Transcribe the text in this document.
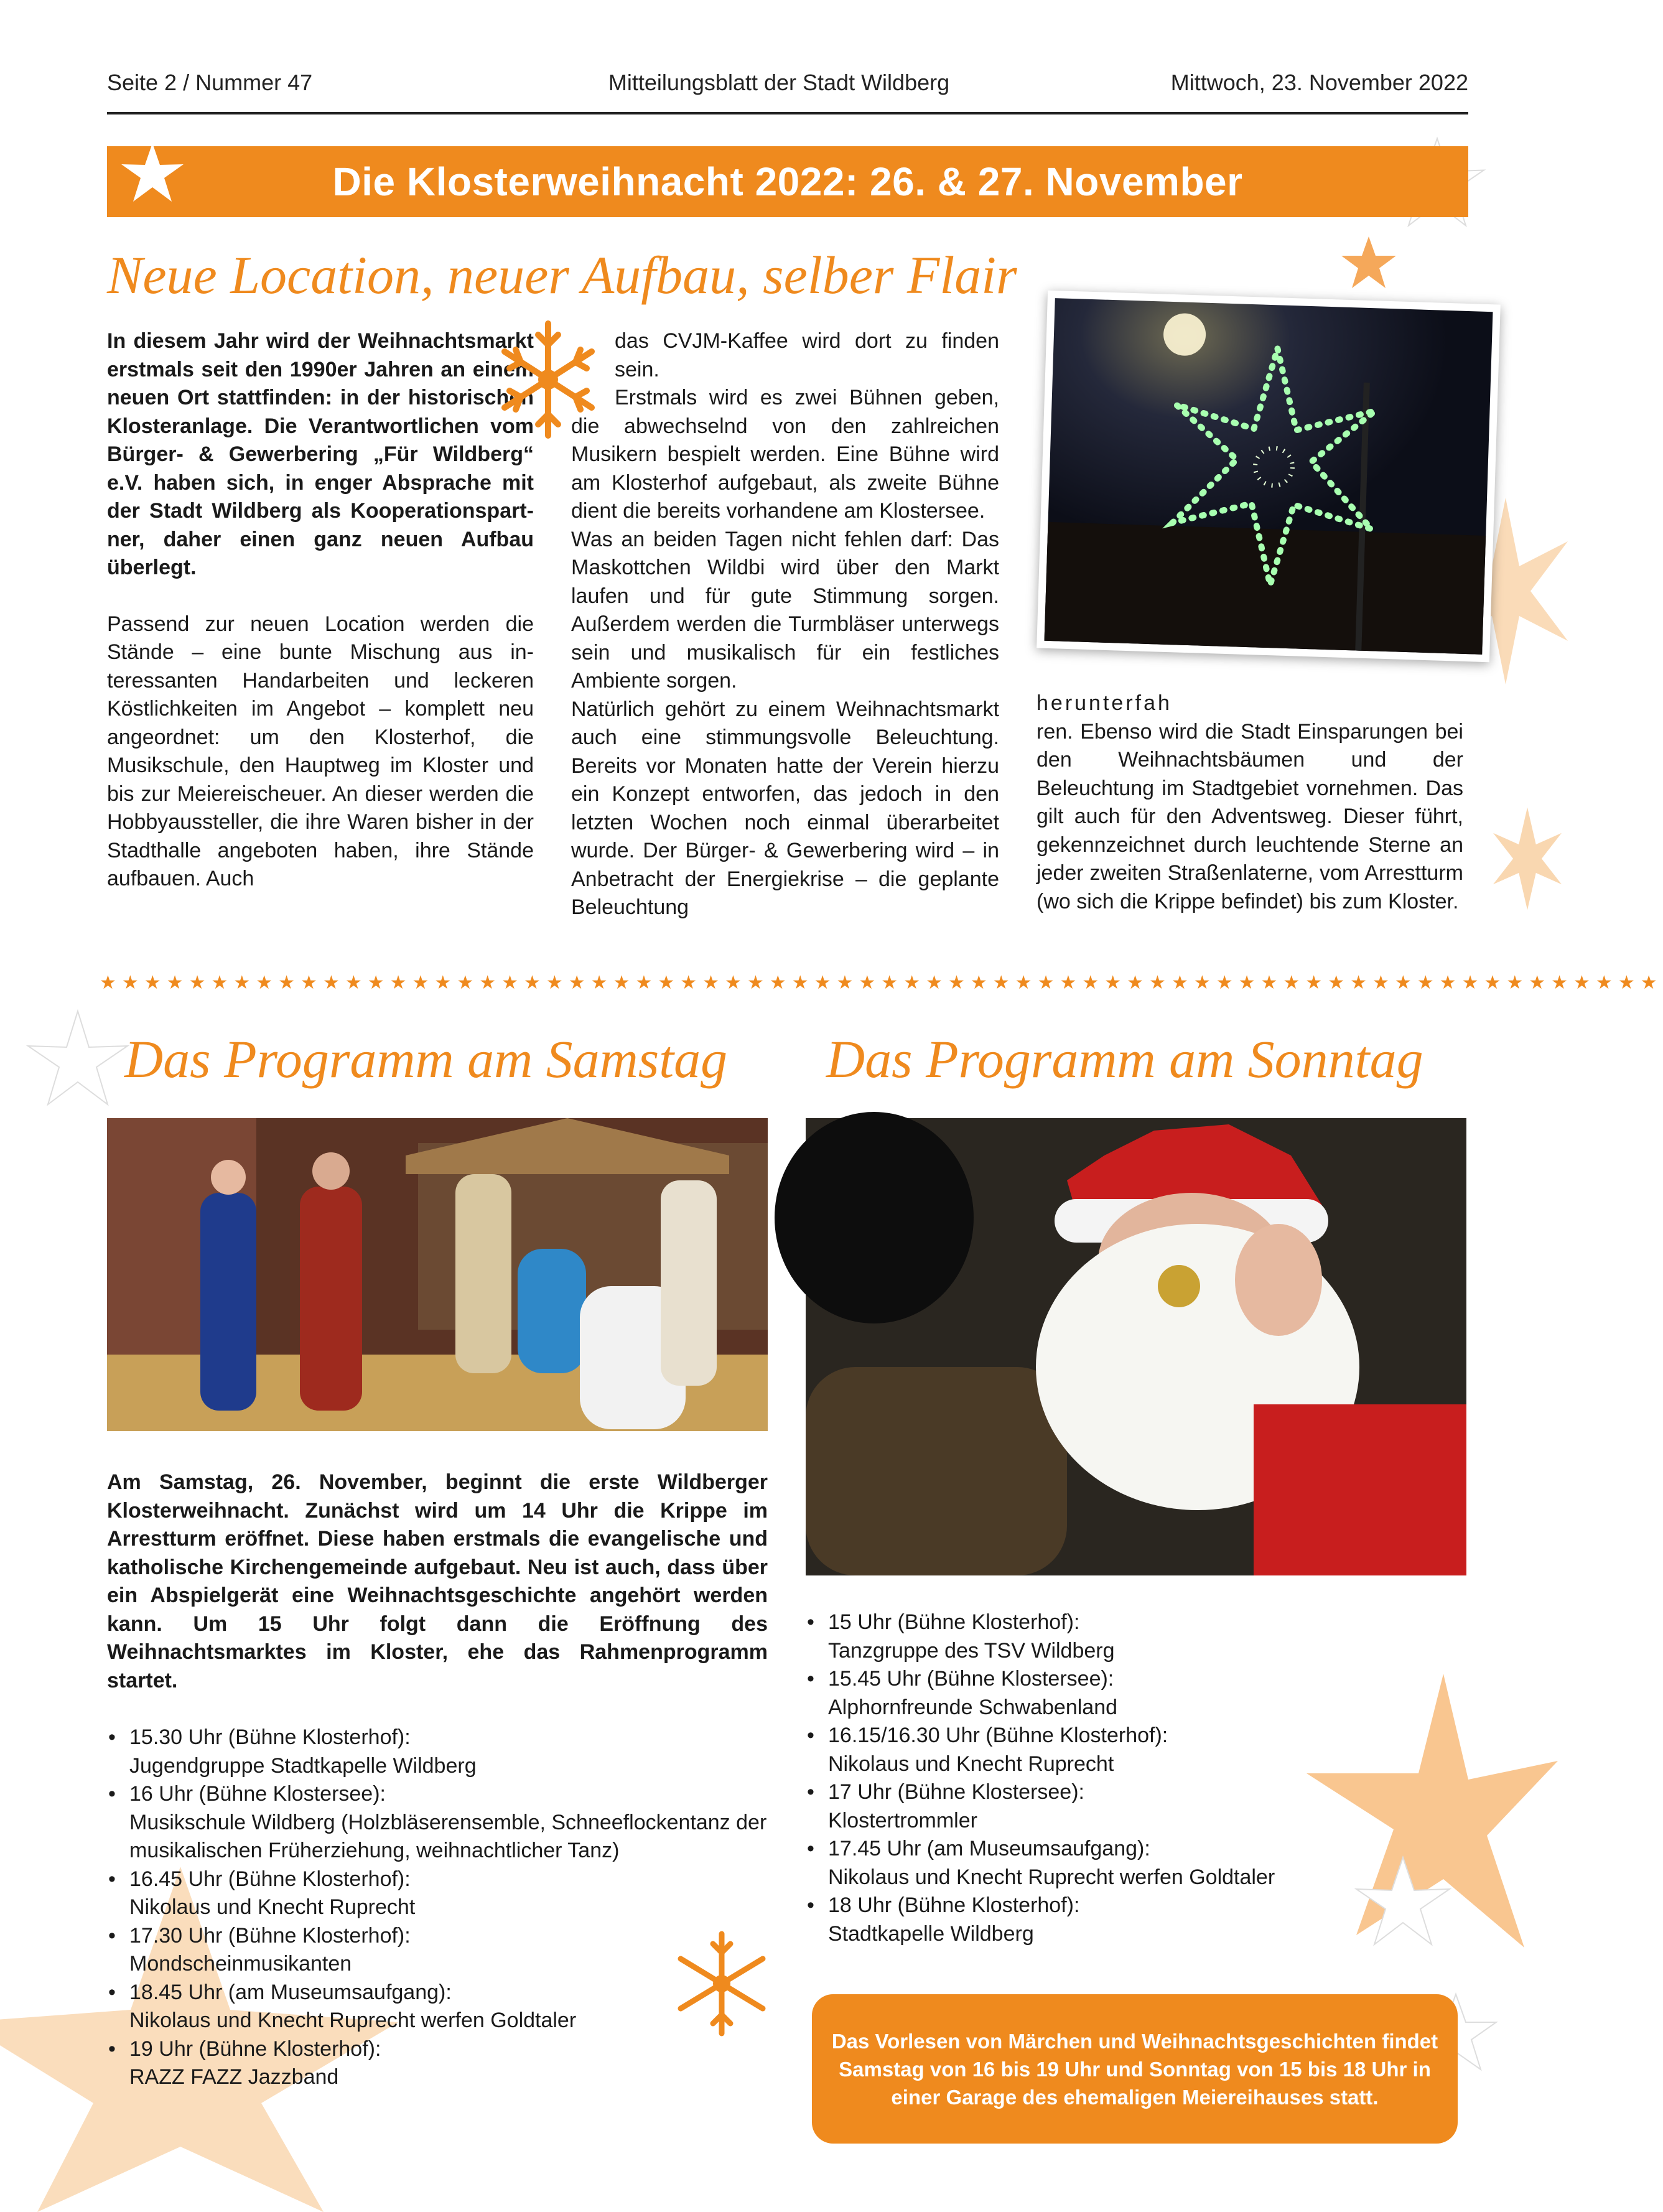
Seite 2 / Nummer 47	Mitteilungsblatt der Stadt Wildberg	Mittwoch, 23. November 2022
Die Klosterweihnacht 2022: 26. & 27. November
Neue Location, neuer Aufbau, selber Flair

In diesem Jahr wird der Weihnachtsmarkt erstmals seit den 1990er Jahren an einem neuen Ort stattfinden: in der historischen Klosteranlage. Die Verantwortlichen vom Bürger- & Gewerbering „Für Wildberg“ e.V. haben sich, in enger Absprache mit der Stadt Wildberg als Kooperationspartner, daher einen ganz neuen Aufbau überlegt.

Passend zur neuen Location werden die Stände – eine bunte Mischung aus interessanten Handarbeiten und leckeren Köstlichkeiten im Angebot – komplett neu angeordnet: um den Klosterhof, die Musikschule, den Hauptweg im Kloster und bis zur Meiereischeuer. An dieser werden die Hobbyaussteller, die ihre Waren bisher in der Stadthalle angeboten haben, ihre Stände aufbauen. Auch

das CVJM-Kaffee wird dort zu finden sein.

Erstmals wird es zwei Bühnen geben, die abwechselnd von den zahlreichen Musikern bespielt werden. Eine Bühne wird am Klosterhof aufgebaut, als zweite Bühne dient die bereits vorhandene am Klostersee.

Was an beiden Tagen nicht fehlen darf: Das Maskottchen Wildbi wird über den Markt laufen und für gute Stimmung sorgen. Außerdem werden die Turmbläser unterwegs sein und musikalisch für ein festliches Ambiente sorgen.

Natürlich gehört zu einem Weihnachtsmarkt auch eine stimmungsvolle Beleuchtung. Bereits vor Monaten hatte der Verein hierzu ein Konzept entworfen, das jedoch in den letzten Wochen noch einmal überarbeitet wurde. Der Bürger- & Gewerbering wird – in Anbetracht der Energiekrise – die geplante Beleuchtung

herunterfah

ren. Ebenso wird die Stadt Einsparungen bei den Weihnachtsbäumen und der Beleuchtung im Stadtgebiet vornehmen. Das gilt auch für den Adventsweg. Dieser führt, gekennzeichnet durch leuchtende Sterne an jeder zweiten Straßenlaterne, vom Arrestturm (wo sich die Krippe befindet) bis zum Kloster.

★★★★★★★★★★★★★★★★★★★★★★★★★★★★★★★★★★★★★★★★★★★★★★★★★★★★★★★★★★★★★★★★★★★★★★
Das Programm am Samstag
Am Samstag, 26. November, beginnt die erste Wildberger Klosterweihnacht. Zunächst wird um 14 Uhr die Krippe im Arrestturm eröffnet. Diese haben erstmals die evangelische und katholische Kirchengemeinde aufgebaut. Neu ist auch, dass über ein Abspielgerät eine Weihnachtsgeschichte angehört werden kann. Um 15 Uhr folgt dann die Eröffnung des Weihnachtsmarktes im Kloster, ehe das Rahmenprogramm startet.
• 15.30 Uhr (Bühne Klosterhof):
Jugendgruppe Stadtkapelle Wildberg
• 16 Uhr (Bühne Klostersee):
Musikschule Wildberg (Holzbläserensemble, Schneeflockentanz der musikalischen Früherziehung, weihnachtlicher Tanz)
• 16.45 Uhr (Bühne Klosterhof):
Nikolaus und Knecht Ruprecht
• 17.30 Uhr (Bühne Klosterhof):
Mondscheinmusikanten
• 18.45 Uhr (am Museumsaufgang):
Nikolaus und Knecht Ruprecht werfen Goldtaler
• 19 Uhr (Bühne Klosterhof):
RAZZ FAZZ Jazzband
Das Programm am Sonntag
• 15 Uhr (Bühne Klosterhof):
Tanzgruppe des TSV Wildberg
• 15.45 Uhr (Bühne Klostersee):
Alphornfreunde Schwabenland
• 16.15/16.30 Uhr (Bühne Klosterhof):
Nikolaus und Knecht Ruprecht
• 17 Uhr (Bühne Klostersee):
Klostertrommler
• 17.45 Uhr (am Museumsaufgang):
Nikolaus und Knecht Ruprecht werfen Goldtaler
• 18 Uhr (Bühne Klosterhof):
Stadtkapelle Wildberg
Das Vorlesen von Märchen und Weihnachtsgeschichten findet Samstag von 16 bis 19 Uhr und Sonntag von 15 bis 18 Uhr in einer Garage des ehemaligen Meiereihauses statt.
